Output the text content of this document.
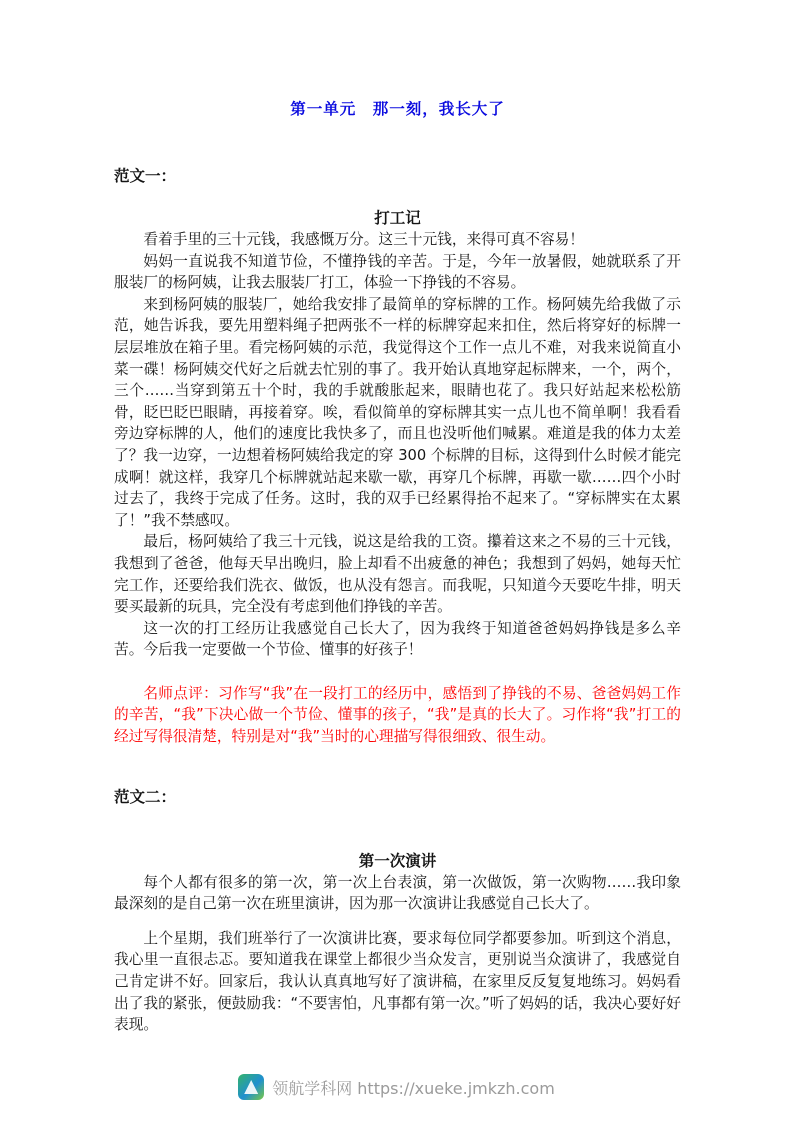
第一单元　那一刻，我长大了
范文一：
打工记

看着手里的三十元钱，我感慨万分。这三十元钱，来得可真不容易！

妈妈一直说我不知道节俭，不懂挣钱的辛苦。于是，今年一放暑假，她就联系了开服装厂的杨阿姨，让我去服装厂打工，体验一下挣钱的不容易。

来到杨阿姨的服装厂，她给我安排了最简单的穿标牌的工作。杨阿姨先给我做了示范，她告诉我，要先用塑料绳子把两张不一样的标牌穿起来扣住，然后将穿好的标牌一层层堆放在箱子里。看完杨阿姨的示范，我觉得这个工作一点儿不难，对我来说简直小菜一碟！杨阿姨交代好之后就去忙别的事了。我开始认真地穿起标牌来，一个，两个，三个……当穿到第五十个时，我的手就酸胀起来，眼睛也花了。我只好站起来松松筋骨，眨巴眨巴眼睛，再接着穿。唉，看似简单的穿标牌其实一点儿也不简单啊！我看看旁边穿标牌的人，他们的速度比我快多了，而且也没听他们喊累。难道是我的体力太差了？我一边穿，一边想着杨阿姨给我定的穿 300 个标牌的目标，这得到什么时候才能完成啊！就这样，我穿几个标牌就站起来歇一歇，再穿几个标牌，再歇一歇……四个小时过去了，我终于完成了任务。这时，我的双手已经累得抬不起来了。“穿标牌实在太累了！”我不禁感叹。

最后，杨阿姨给了我三十元钱，说这是给我的工资。攥着这来之不易的三十元钱，我想到了爸爸，他每天早出晚归，脸上却看不出疲惫的神色；我想到了妈妈，她每天忙完工作，还要给我们洗衣、做饭，也从没有怨言。而我呢，只知道今天要吃牛排，明天要买最新的玩具，完全没有考虑到他们挣钱的辛苦。

这一次的打工经历让我感觉自己长大了，因为我终于知道爸爸妈妈挣钱是多么辛苦。今后我一定要做一个节俭、懂事的好孩子！

名师点评：习作写“我”在一段打工的经历中，感悟到了挣钱的不易、爸爸妈妈工作的辛苦，“我”下决心做一个节俭、懂事的孩子，“我”是真的长大了。习作将“我”打工的经过写得很清楚，特别是对“我”当时的心理描写得很细致、很生动。

范文二：
第一次演讲

每个人都有很多的第一次，第一次上台表演，第一次做饭，第一次购物……我印象最深刻的是自己第一次在班里演讲，因为那一次演讲让我感觉自己长大了。

上个星期，我们班举行了一次演讲比赛，要求每位同学都要参加。听到这个消息，我心里一直很忐忑。要知道我在课堂上都很少当众发言，更别说当众演讲了，我感觉自己肯定讲不好。回家后，我认认真真地写好了演讲稿，在家里反反复复地练习。妈妈看出了我的紧张，便鼓励我：“不要害怕，凡事都有第一次。”听了妈妈的话，我决心要好好表现。

领航学科网 https://xueke.jmkzh.com
